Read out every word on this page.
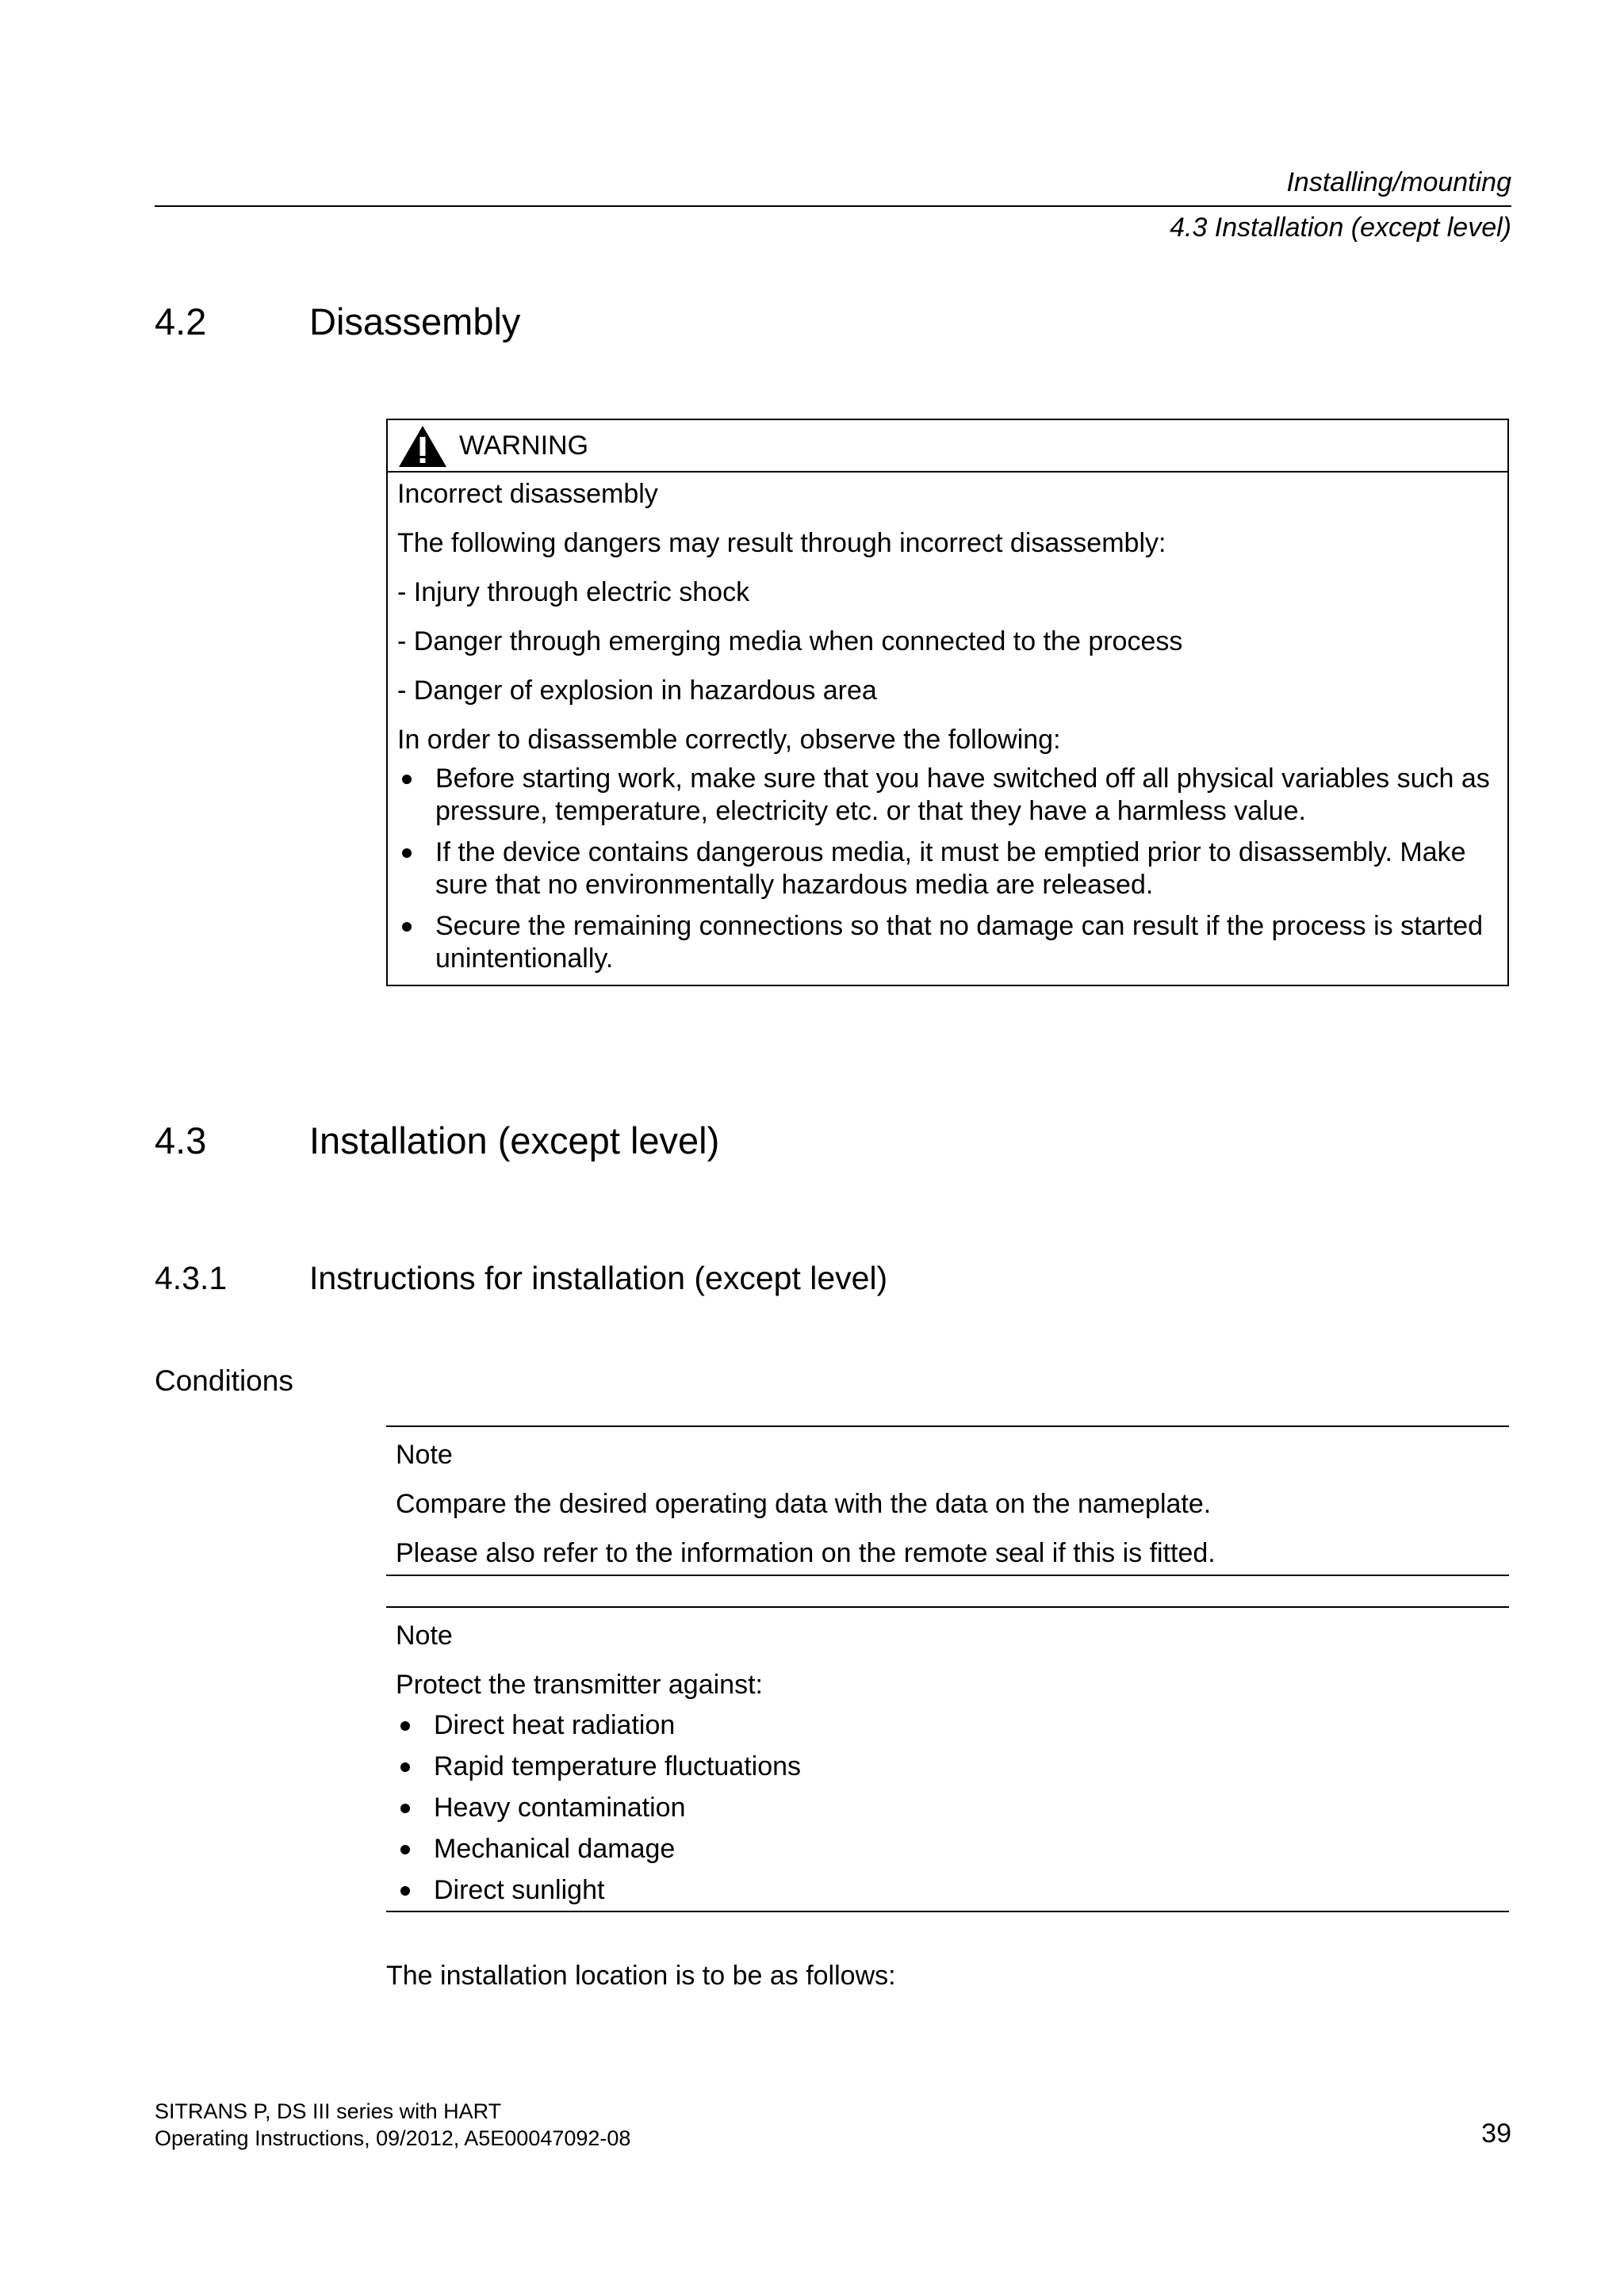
Installing/mounting
4.3 Installation (except level)
4.2	Disassembly
WARNING
Incorrect disassembly
The following dangers may result through incorrect disassembly:
- Injury through electric shock
- Danger through emerging media when connected to the process
- Danger of explosion in hazardous area
In order to disassemble correctly, observe the following:
Before starting work, make sure that you have switched off all physical variables such as
pressure, temperature, electricity etc. or that they have a harmless value.
If the device contains dangerous media, it must be emptied prior to disassembly. Make
sure that no environmentally hazardous media are released.
Secure the remaining connections so that no damage can result if the process is started
unintentionally.
4.3	Installation (except level)
4.3.1	Instructions for installation (except level)
Conditions
Note
Compare the desired operating data with the data on the nameplate.
Please also refer to the information on the remote seal if this is fitted.
Note
Protect the transmitter against:
Direct heat radiation
Rapid temperature fluctuations
Heavy contamination
Mechanical damage
Direct sunlight
The installation location is to be as follows:
SITRANS P, DS III series with HART
Operating Instructions, 09/2012, A5E00047092-08	39
